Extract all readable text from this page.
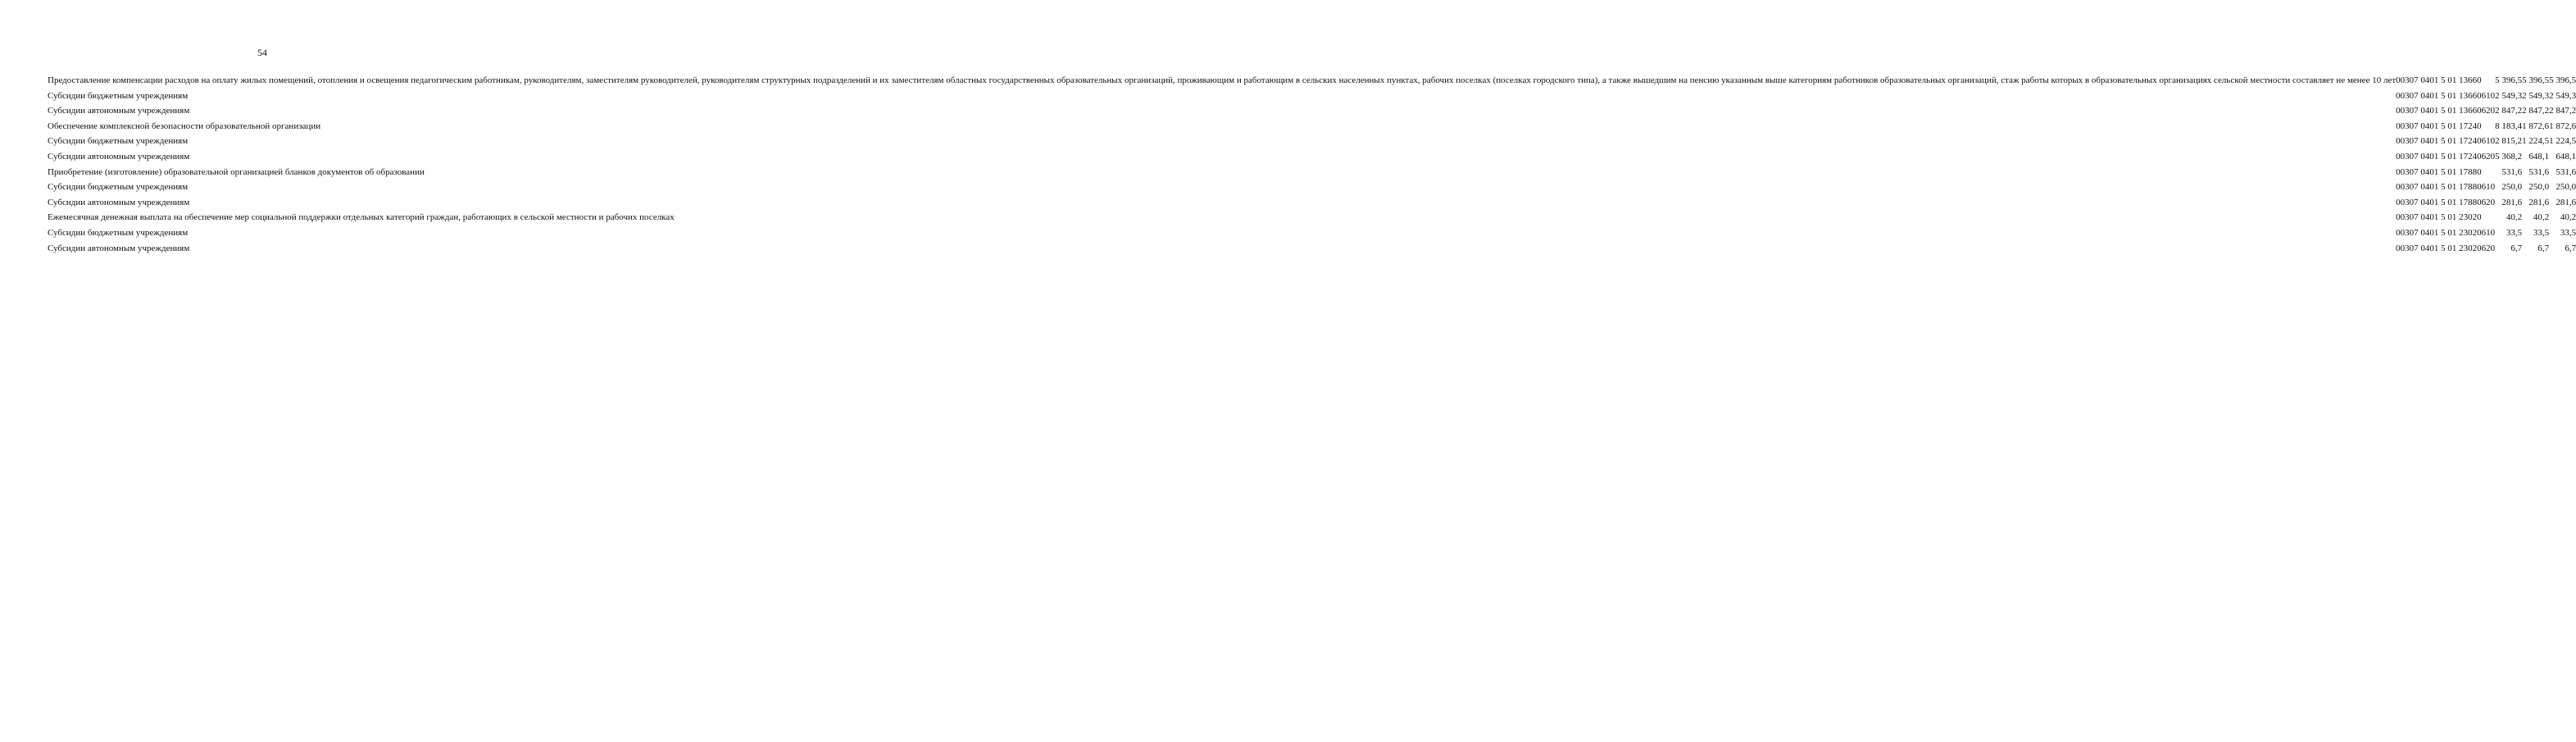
54
Предоставление компенсации расходов на оплату жилых помещений, отопления и освещения педагогическим работникам, руководителям, заместителям руководителей, руководителям структурных подразделений и их заместителям областных государственных образовательных организаций, проживающим и работающим в сельских населенных пунктах, рабочих поселках (поселках городского типа), а также вышедшим на пенсию указанным выше категориям работников образовательных организаций, стаж работы которых в образовательных организациях сельской местности составляет не менее 10 лет	003	07 04	01 5 01 13660		5 396,5	5 396,5	5 396,5
Субсидии бюджетным учреждениям	003	07 04	01 5 01 13660	610	2 549,3	2 549,3	2 549,3
Субсидии автономным учреждениям	003	07 04	01 5 01 13660	620	2 847,2	2 847,2	2 847,2
Обеспечение комплексной безопасности образовательной организации	003	07 04	01 5 01 17240		8 183,4	1 872,6	1 872,6
Субсидии бюджетным учреждениям	003	07 04	01 5 01 17240	610	2 815,2	1 224,5	1 224,5
Субсидии автономным учреждениям	003	07 04	01 5 01 17240	620	5 368,2	648,1	648,1
Приобретение (изготовление) образовательной организацией бланков документов об образовании	003	07 04	01 5 01 17880		531,6	531,6	531,6
Субсидии бюджетным учреждениям	003	07 04	01 5 01 17880	610	250,0	250,0	250,0
Субсидии автономным учреждениям	003	07 04	01 5 01 17880	620	281,6	281,6	281,6
Ежемесячная денежная выплата на обеспечение мер социальной поддержки отдельных категорий граждан, работающих в сельской местности и рабочих поселках	003	07 04	01 5 01 23020		40,2	40,2	40,2
Субсидии бюджетным учреждениям	003	07 04	01 5 01 23020	610	33,5	33,5	33,5
Субсидии автономным учреждениям	003	07 04	01 5 01 23020	620	6,7	6,7	6,7
